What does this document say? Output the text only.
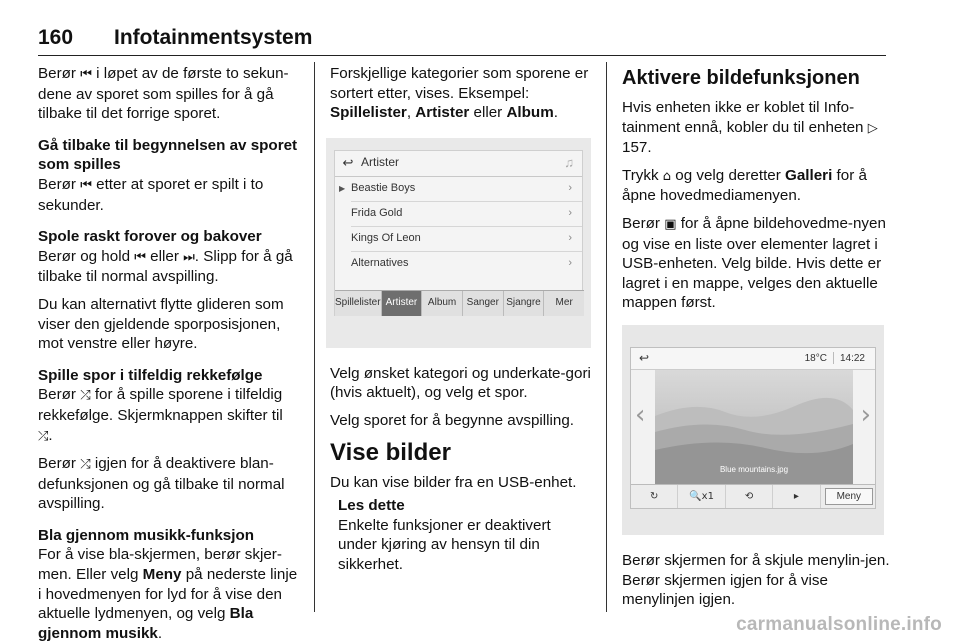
160 Infotainmentsystem

Berør ⏮ i løpet av de første to sekun-dene av sporet som spilles for å gå tilbake til det forrige sporet.

Gå tilbake til begynnelsen av sporet som spilles

Berør ⏮ etter at sporet er spilt i to sekunder.

Spole raskt forover og bakover

Berør og hold ⏮ eller ⏭. Slipp for å gå tilbake til normal avspilling.

Du kan alternativt flytte glideren som viser den gjeldende sporposisjonen, mot venstre eller høyre.

Spille spor i tilfeldig rekkefølge

Berør ⤮ for å spille sporene i tilfeldig rekkefølge. Skjermknappen skifter til ⤮.

Berør ⤮ igjen for å deaktivere blan-defunksjonen og gå tilbake til normal avspilling.

Bla gjennom musikk-funksjon

For å vise bla-skjermen, berør skjer-men. Eller velg Meny på nederste linje i hovedmenyen for lyd for å vise den aktuelle lydmenyen, og velg Bla gjennom musikk.

Forskjellige kategorier som sporene er sortert etter, vises. Eksempel: Spillelister, Artister eller Album.

↩ Artister	♫
▶ Beastie Boys	›
Frida Gold	›
Kings Of Leon	›
Alternatives	›
Spillelister Artister	Album	Sanger Sjangre	Mer

Velg ønsket kategori og underkate-gori (hvis aktuelt), og velg et spor.

Velg sporet for å begynne avspilling.

Vise bilder

Du kan vise bilder fra en USB-enhet.

Les dette
Enkelte funksjoner er deaktivert under kjøring av hensyn til din sikkerhet.
Aktivere bildefunksjonen

Hvis enheten ikke er koblet til Info-tainment ennå, kobler du til enheten ▷ 157.

Trykk ⌂ og velg deretter Galleri for å åpne hovedmediamenyen.

Berør ▣ for å åpne bildehovedme-nyen og vise en liste over elementer lagret i USB-enheten. Velg bilde. Hvis dette er lagret i en mappe, velges den aktuelle mappen først.

↩	18°C 14:22
Blue mountains.jpg
‹	›
↻	🔍x1	⟲	▸	Meny

Berør skjermen for å skjule menylin-jen. Berør skjermen igjen for å vise menylinjen igjen.

carmanualsonline.info
